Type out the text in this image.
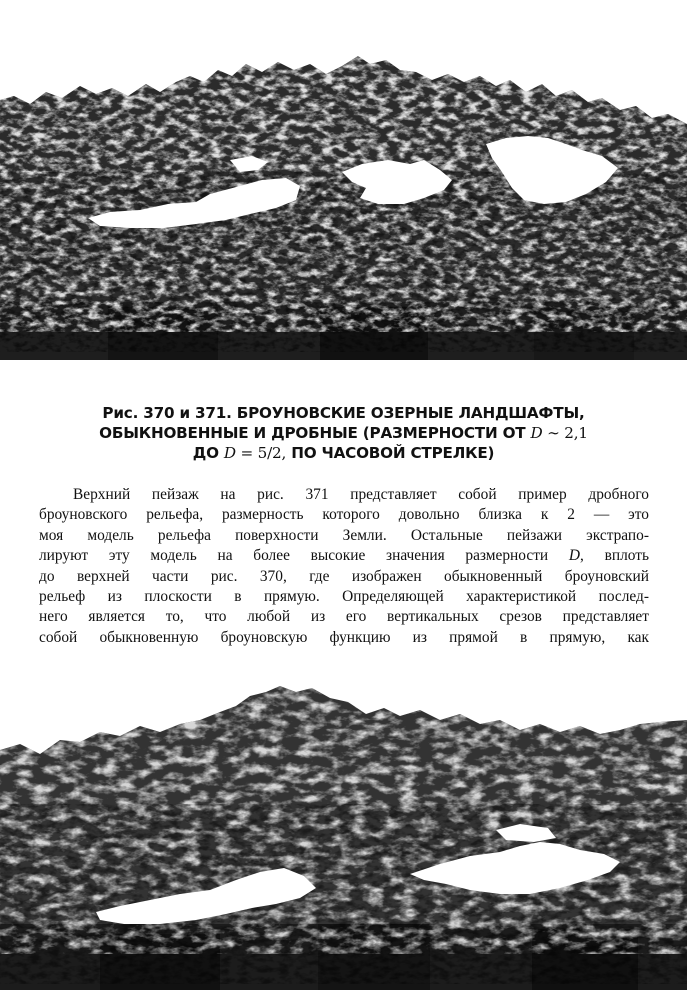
Рис. 370 и 371. БРОУНОВСКИЕ ОЗЕРНЫЕ ЛАНДШАФТЫ,
ОБЫКНОВЕННЫЕ И ДРОБНЫЕ (РАЗМЕРНОСТИ ОТ D ∼ 2,1
ДО D = 5/2, ПО ЧАСОВОЙ СТРЕЛКЕ)
Верхний пейзаж на рис. 371 представляет собой пример дробного
броуновского рельефа, размерность которого довольно близка к 2 — это
моя модель рельефа поверхности Земли. Остальные пейзажи экстрапо-
лируют эту модель на более высокие значения размерности D, вплоть
до верхней части рис. 370, где изображен обыкновенный броуновский
рельеф из плоскости в прямую. Определяющей характеристикой послед-
него является то, что любой из его вертикальных срезов представляет
собой обыкновенную броуновскую функцию из прямой в прямую, как
